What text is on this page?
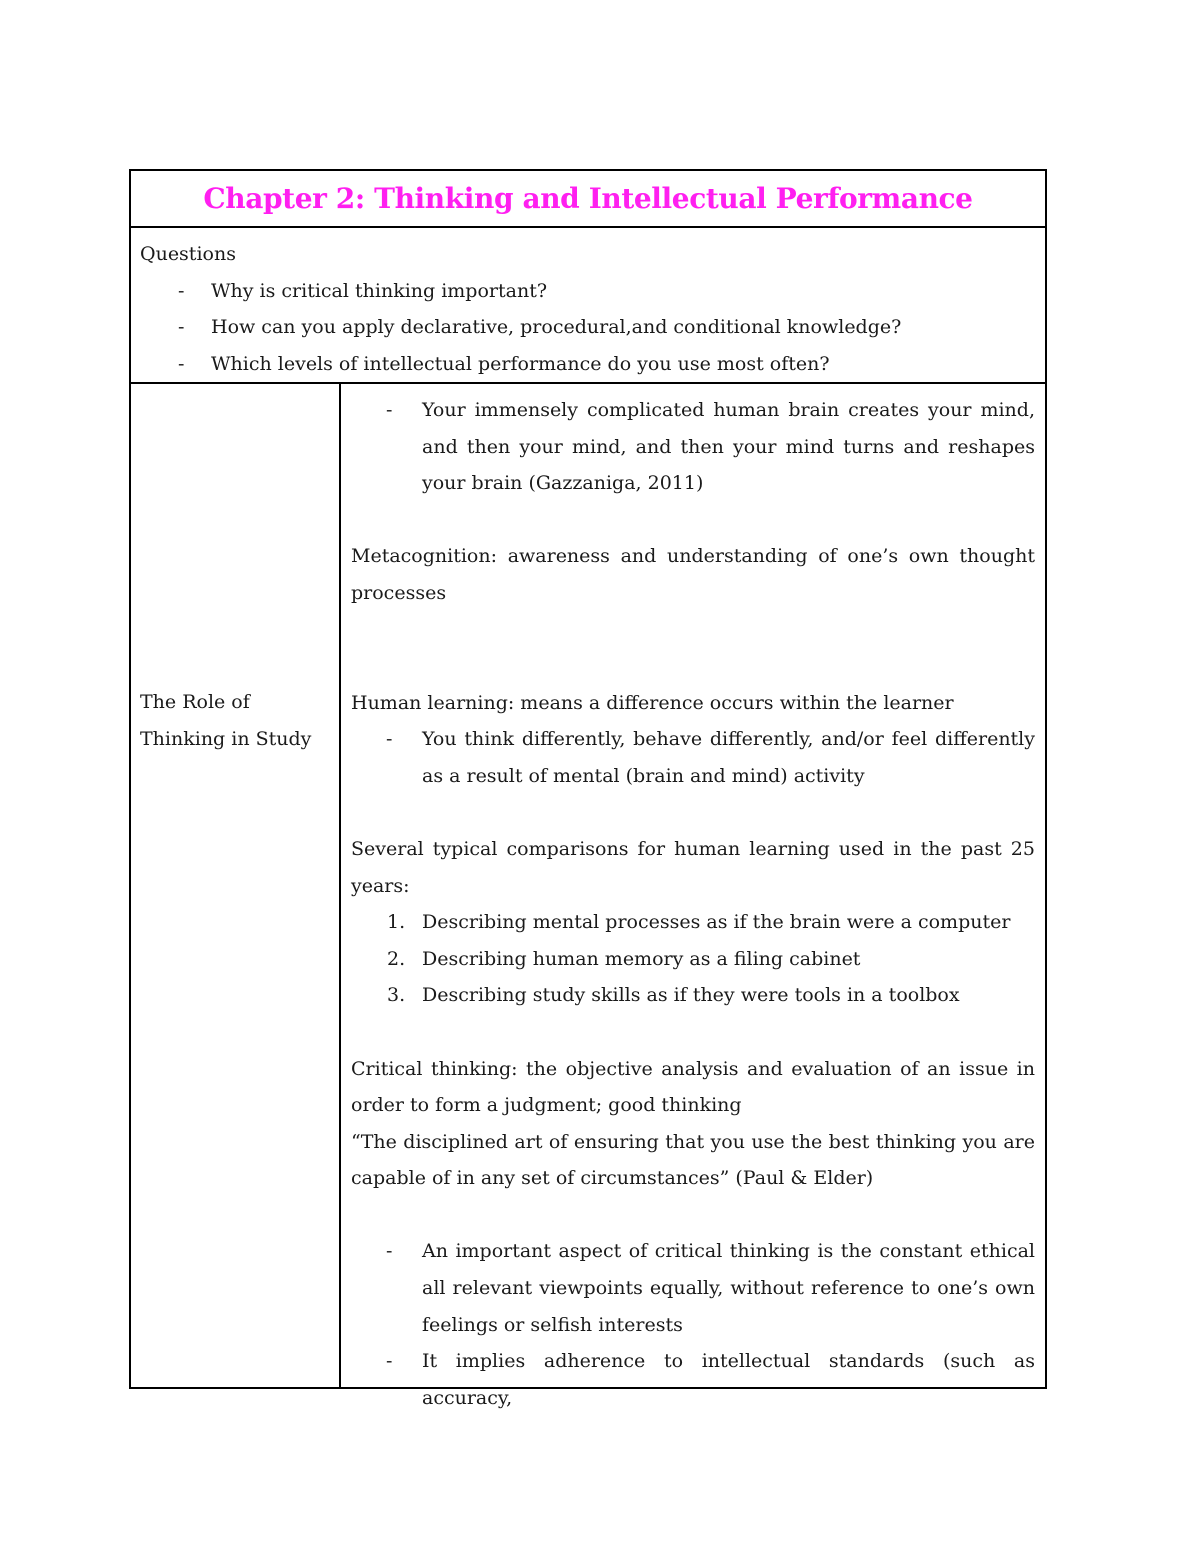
Chapter 2: Thinking and Intellectual Performance

Questions

- Why is critical thinking important?
- How can you apply declarative, procedural,and conditional knowledge?
- Which levels of intellectual performance do you use most often?
The Role of Thinking in Study
- Your immensely complicated human brain creates your mind, and then your mind, and then your mind turns and reshapes your brain (Gazzaniga, 2011)

Metacognition: awareness and understanding of one’s own thought processes

Human learning: means a difference occurs within the learner

- You think differently, behave differently, and/or feel differently as a result of mental (brain and mind) activity

Several typical comparisons for human learning used in the past 25 years:

1. Describing mental processes as if the brain were a computer
2. Describing human memory as a filing cabinet
3. Describing study skills as if they were tools in a toolbox

Critical thinking: the objective analysis and evaluation of an issue in order to form a judgment; good thinking

“The disciplined art of ensuring that you use the best thinking you are capable of in any set of circumstances” (Paul & Elder)

- An important aspect of critical thinking is the constant ethical all relevant viewpoints equally, without reference to one’s own feelings or selfish interests
- It implies adherence to intellectual standards (such as accuracy,
